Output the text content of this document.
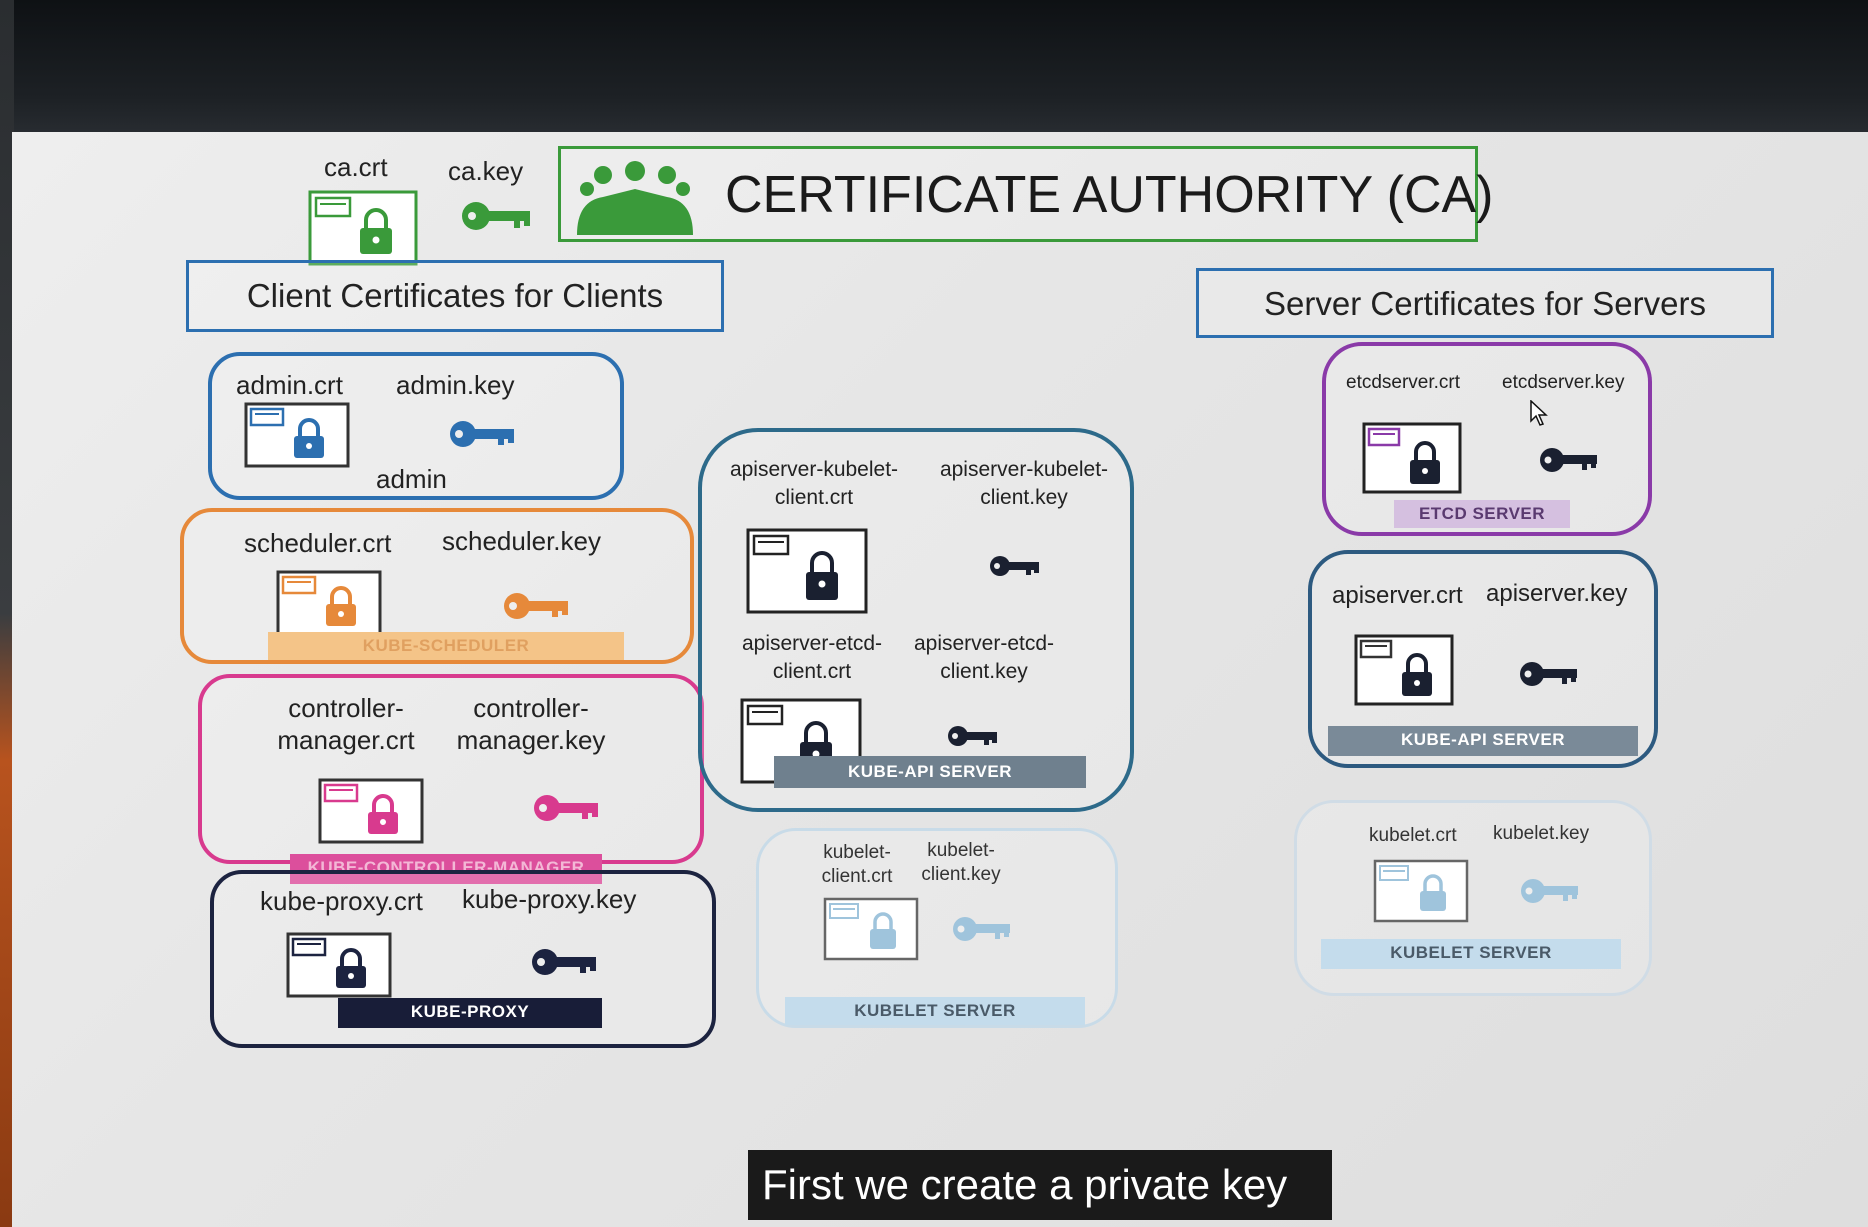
ca.crt ca.key	CERTIFICATE AUTHORITY (CA)
Client Certificates for Clients	Server Certificates for Servers
admin.crt admin.key
admin
scheduler.crt scheduler.key
KUBE-SCHEDULER
controller-
manager.crt
controller-
manager.key
KUBE-CONTROLLER-MANAGER
kube-proxy.crt kube-proxy.key
KUBE-PROXY
apiserver-kubelet-
client.crt
apiserver-kubelet-
client.key
apiserver-etcd-
client.crt
apiserver-etcd-
client.key
KUBE-API SERVER
kubelet-
client.crt
kubelet-
client.key
KUBELET SERVER
etcdserver.crt etcdserver.key
ETCD SERVER
apiserver.crt apiserver.key
KUBE-API SERVER
kubelet.crt kubelet.key
KUBELET SERVER
First we create a private key
